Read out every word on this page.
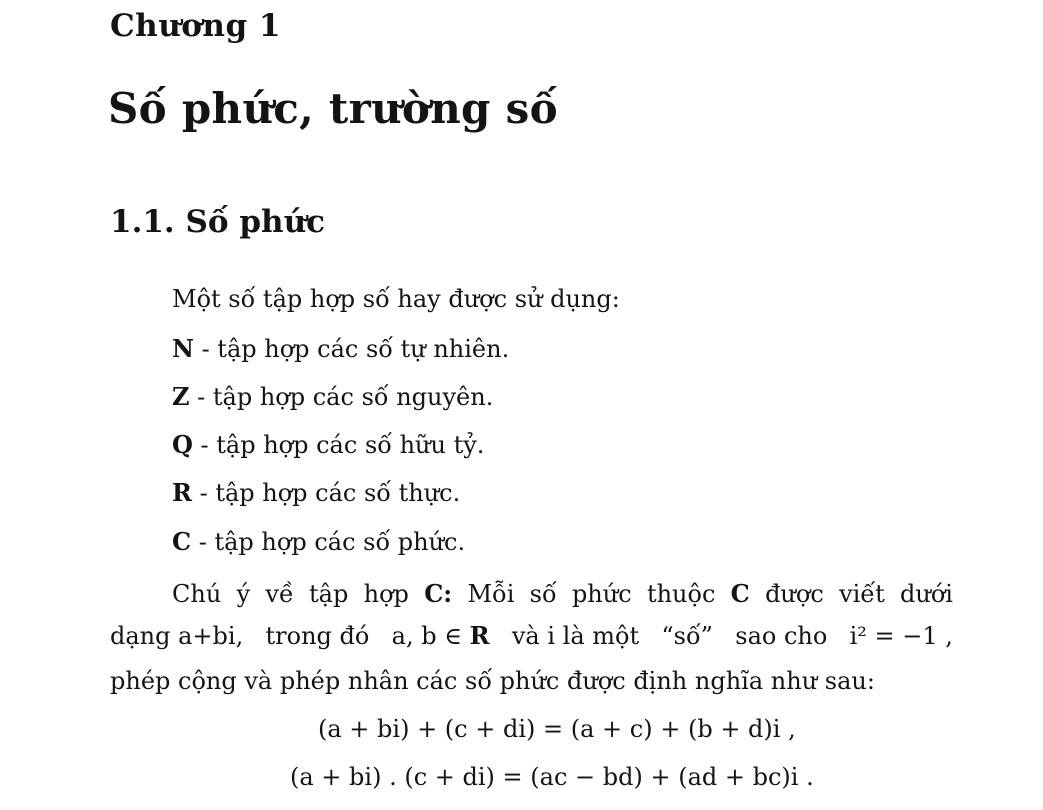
Chương 1
Số phức, trường số
1.1. Số phức
Một số tập hợp số hay được sử dụng:
N - tập hợp các số tự nhiên.
Z - tập hợp các số nguyên.
Q - tập hợp các số hữu tỷ.
R - tập hợp các số thực.
C - tập hợp các số phức.
Chú ý về tập hợp C: Mỗi số phức thuộc C được viết dưới
dạng a+bi, trong đó a, b ∈ R và i là một “số” sao cho i² = −1 ,
phép cộng và phép nhân các số phức được định nghĩa như sau:
(a + bi) + (c + di) = (a + c) + (b + d)i ,
(a + bi) . (c + di) = (ac − bd) + (ad + bc)i .
